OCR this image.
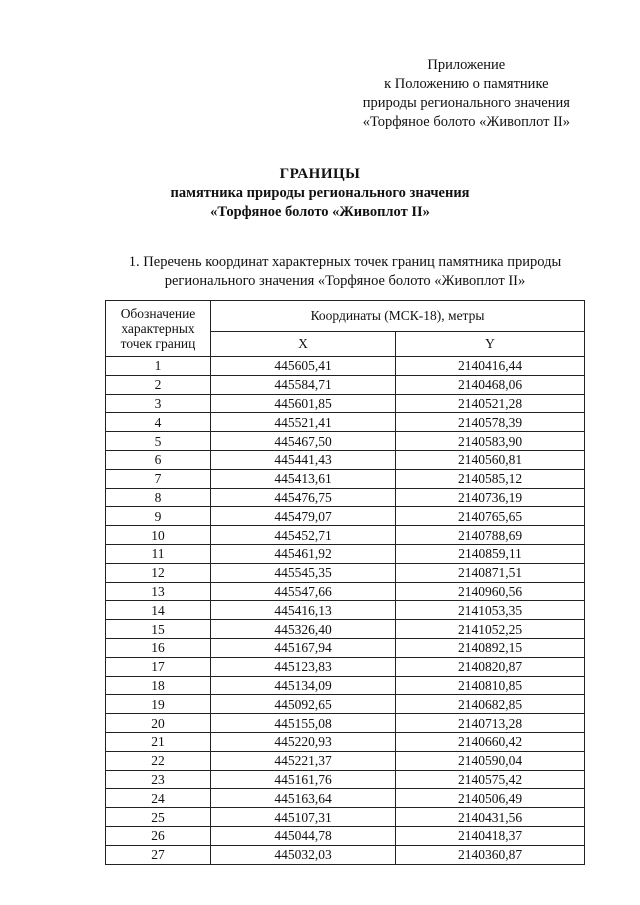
Приложение
к Положению о памятнике
природы регионального значения
«Торфяное болото «Живоплот II»
ГРАНИЦЫ
памятника природы регионального значения
«Торфяное болото «Живоплот II»
1. Перечень координат характерных точек границ памятника природы
регионального значения «Торфяное болото «Живоплот II»
Обозначение характерных точек границ	Координаты (МСК-18), метры	
	X	Y
1	445605,41	2140416,44
2	445584,71	2140468,06
3	445601,85	2140521,28
4	445521,41	2140578,39
5	445467,50	2140583,90
6	445441,43	2140560,81
7	445413,61	2140585,12
8	445476,75	2140736,19
9	445479,07	2140765,65
10	445452,71	2140788,69
11	445461,92	2140859,11
12	445545,35	2140871,51
13	445547,66	2140960,56
14	445416,13	2141053,35
15	445326,40	2141052,25
16	445167,94	2140892,15
17	445123,83	2140820,87
18	445134,09	2140810,85
19	445092,65	2140682,85
20	445155,08	2140713,28
21	445220,93	2140660,42
22	445221,37	2140590,04
23	445161,76	2140575,42
24	445163,64	2140506,49
25	445107,31	2140431,56
26	445044,78	2140418,37
27	445032,03	2140360,87
